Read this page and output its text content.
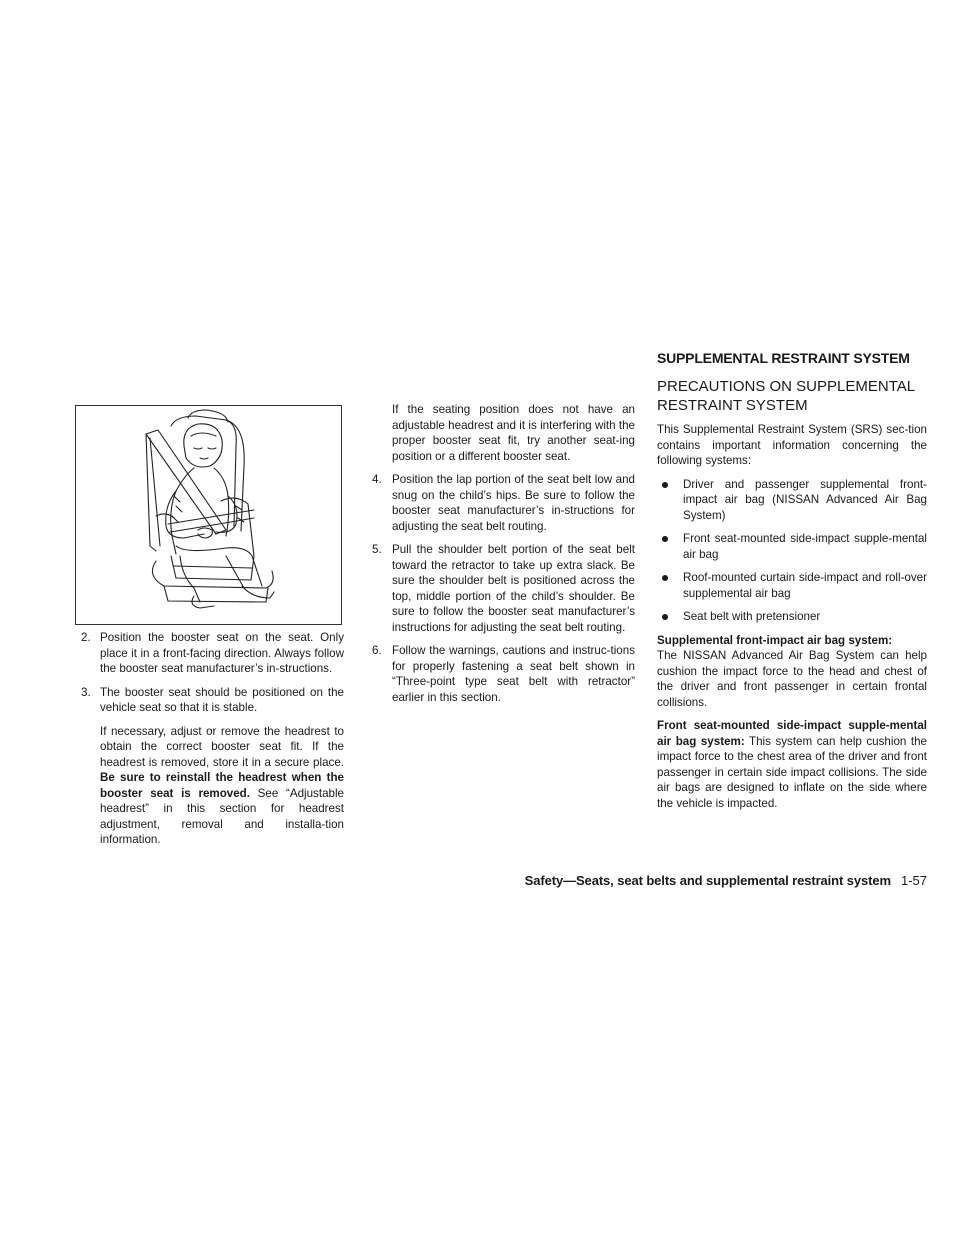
2. Position the booster seat on the seat. Only place it in a front-facing direction. Always follow the booster seat manufacturer’s in-structions.
3. The booster seat should be positioned on the vehicle seat so that it is stable.
If necessary, adjust or remove the headrest to obtain the correct booster seat fit. If the headrest is removed, store it in a secure place. Be sure to reinstall the headrest when the booster seat is removed. See “Adjustable headrest” in this section for headrest adjustment, removal and installa-tion information.
If the seating position does not have an adjustable headrest and it is interfering with the proper booster seat fit, try another seat-ing position or a different booster seat.
4. Position the lap portion of the seat belt low and snug on the child’s hips. Be sure to follow the booster seat manufacturer’s in-structions for adjusting the seat belt routing.
5. Pull the shoulder belt portion of the seat belt toward the retractor to take up extra slack. Be sure the shoulder belt is positioned across the top, middle portion of the child’s shoulder. Be sure to follow the booster seat manufacturer’s instructions for adjusting the seat belt routing.
6. Follow the warnings, cautions and instruc-tions for properly fastening a seat belt shown in “Three-point type seat belt with retractor” earlier in this section.
SUPPLEMENTAL RESTRAINT SYSTEM
PRECAUTIONS ON SUPPLEMENTAL RESTRAINT SYSTEM
This Supplemental Restraint System (SRS) sec-tion contains important information concerning the following systems:
Driver and passenger supplemental front-impact air bag (NISSAN Advanced Air Bag System)
Front seat-mounted side-impact supple-mental air bag
Roof-mounted curtain side-impact and roll-over supplemental air bag
Seat belt with pretensioner
Supplemental front-impact air bag system:
The NISSAN Advanced Air Bag System can help cushion the impact force to the head and chest of the driver and front passenger in certain frontal collisions.
Front seat-mounted side-impact supple-mental air bag system: This system can help cushion the impact force to the chest area of the driver and front passenger in certain side impact collisions. The side air bags are designed to inflate on the side where the vehicle is impacted.
Safety—Seats, seat belts and supplemental restraint system 1-57
